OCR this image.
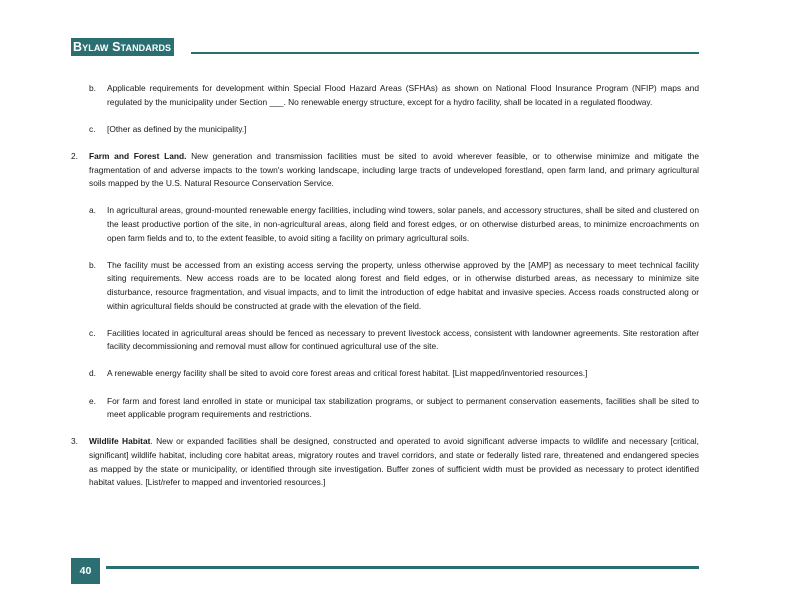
Bylaw Standards
b. Applicable requirements for development within Special Flood Hazard Areas (SFHAs) as shown on National Flood Insurance Program (NFIP) maps and regulated by the municipality under Section ___. No renewable energy structure, except for a hydro facility, shall be located in a regulated floodway.
c. [Other as defined by the municipality.]
2. Farm and Forest Land. New generation and transmission facilities must be sited to avoid wherever feasible, or to otherwise minimize and mitigate the fragmentation of and adverse impacts to the town's working landscape, including large tracts of undeveloped forestland, open farm land, and primary agricultural soils mapped by the U.S. Natural Resource Conservation Service.
a. In agricultural areas, ground-mounted renewable energy facilities, including wind towers, solar panels, and accessory structures, shall be sited and clustered on the least productive portion of the site, in non-agricultural areas, along field and forest edges, or on otherwise disturbed areas, to minimize encroachments on open farm fields and to, to the extent feasible, to avoid siting a facility on primary agricultural soils.
b. The facility must be accessed from an existing access serving the property, unless otherwise approved by the [AMP] as necessary to meet technical facility siting requirements. New access roads are to be located along forest and field edges, or in otherwise disturbed areas, as necessary to minimize site disturbance, resource fragmentation, and visual impacts, and to limit the introduction of edge habitat and invasive species. Access roads constructed along or within agricultural fields should be constructed at grade with the elevation of the field.
c. Facilities located in agricultural areas should be fenced as necessary to prevent livestock access, consistent with landowner agreements. Site restoration after facility decommissioning and removal must allow for continued agricultural use of the site.
d. A renewable energy facility shall be sited to avoid core forest areas and critical forest habitat. [List mapped/inventoried resources.]
e. For farm and forest land enrolled in state or municipal tax stabilization programs, or subject to permanent conservation easements, facilities shall be sited to meet applicable program requirements and restrictions.
3. Wildlife Habitat. New or expanded facilities shall be designed, constructed and operated to avoid significant adverse impacts to wildlife and necessary [critical, significant] wildlife habitat, including core habitat areas, migratory routes and travel corridors, and state or federally listed rare, threatened and endangered species as mapped by the state or municipality, or identified through site investigation. Buffer zones of sufficient width must be provided as necessary to protect identified habitat values. [List/refer to mapped and inventoried resources.]
40
